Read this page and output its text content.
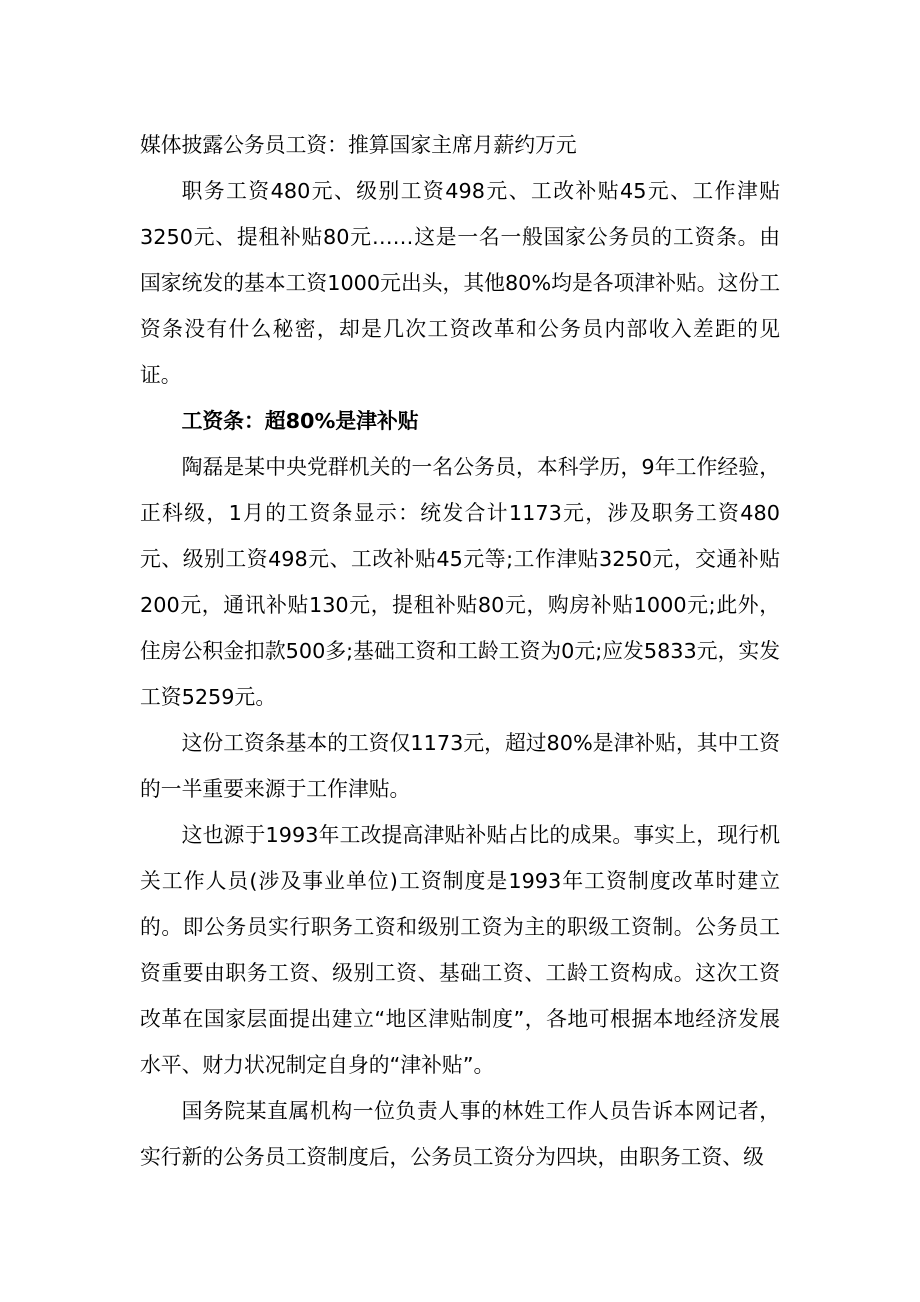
媒体披露公务员工资：推算国家主席月薪约万元

职务工资480元、级别工资498元、工改补贴45元、工作津贴3250元、提租补贴80元……这是一名一般国家公务员的工资条。由国家统发的基本工资1000元出头，其他80%均是各项津补贴。这份工资条没有什么秘密，却是几次工资改革和公务员内部收入差距的见证。

工资条：超80%是津补贴

陶磊是某中央党群机关的一名公务员，本科学历，9年工作经验，正科级，1月的工资条显示：统发合计1173元，涉及职务工资480元、级别工资498元、工改补贴45元等;工作津贴3250元，交通补贴200元，通讯补贴130元，提租补贴80元，购房补贴1000元;此外，住房公积金扣款500多;基础工资和工龄工资为0元;应发5833元，实发工资5259元。

这份工资条基本的工资仅1173元，超过80%是津补贴，其中工资的一半重要来源于工作津贴。

这也源于1993年工改提高津贴补贴占比的成果。事实上，现行机关工作人员(涉及事业单位)工资制度是1993年工资制度改革时建立的。即公务员实行职务工资和级别工资为主的职级工资制。公务员工资重要由职务工资、级别工资、基础工资、工龄工资构成。这次工资改革在国家层面提出建立“地区津贴制度”，各地可根据本地经济发展水平、财力状况制定自身的“津补贴”。

国务院某直属机构一位负责人事的林姓工作人员告诉本网记者，实行新的公务员工资制度后，公务员工资分为四块，由职务工资、级
